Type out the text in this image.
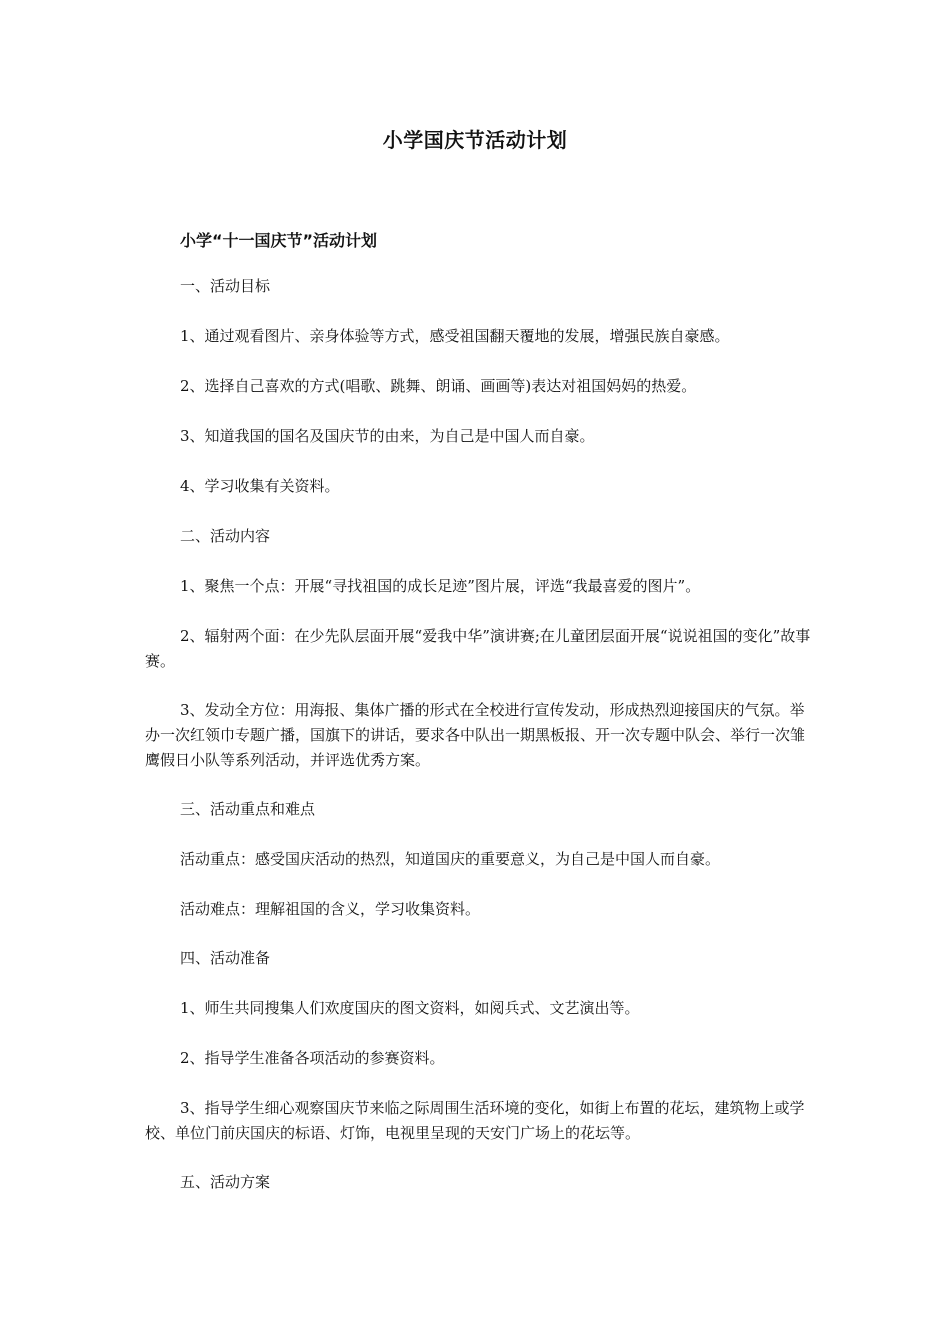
小学国庆节活动计划
小学“十一国庆节”活动计划

一、活动目标

1、通过观看图片、亲身体验等方式，感受祖国翻天覆地的发展，增强民族自豪感。

2、选择自己喜欢的方式(唱歌、跳舞、朗诵、画画等)表达对祖国妈妈的热爱。

3、知道我国的国名及国庆节的由来，为自己是中国人而自豪。

4、学习收集有关资料。

二、活动内容

1、聚焦一个点：开展“寻找祖国的成长足迹”图片展，评选“我最喜爱的图片”。

2、辐射两个面：在少先队层面开展“爱我中华”演讲赛;在儿童团层面开展“说说祖国的变化”故事赛。

3、发动全方位：用海报、集体广播的形式在全校进行宣传发动，形成热烈迎接国庆的气氛。举办一次红领巾专题广播，国旗下的讲话，要求各中队出一期黑板报、开一次专题中队会、举行一次雏鹰假日小队等系列活动，并评选优秀方案。

三、活动重点和难点

活动重点：感受国庆活动的热烈，知道国庆的重要意义，为自己是中国人而自豪。

活动难点：理解祖国的含义，学习收集资料。

四、活动准备

1、师生共同搜集人们欢度国庆的图文资料，如阅兵式、文艺演出等。

2、指导学生准备各项活动的参赛资料。

3、指导学生细心观察国庆节来临之际周围生活环境的变化，如街上布置的花坛，建筑物上或学校、单位门前庆国庆的标语、灯饰，电视里呈现的天安门广场上的花坛等。

五、活动方案
